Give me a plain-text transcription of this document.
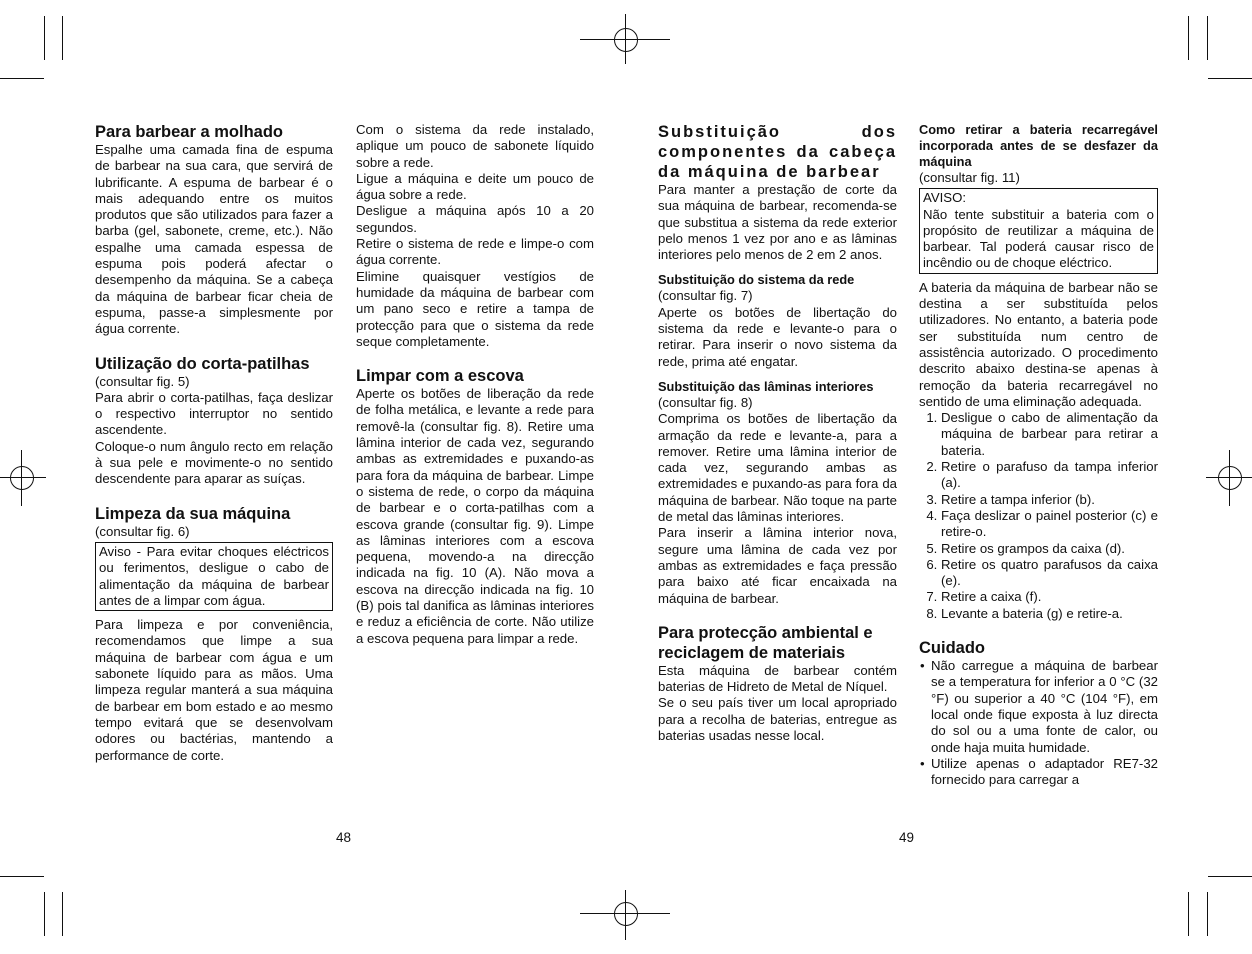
Para barbear a molhado

Espalhe uma camada fina de espuma de barbear na sua cara, que servirá de lubrificante. A espuma de barbear é o mais adequando entre os muitos produtos que são utilizados para fazer a barba (gel, sabonete, creme, etc.). Não espalhe uma camada espessa de espuma pois poderá afectar o desempenho da máquina. Se a cabeça da máquina de barbear ficar cheia de espuma, passe-a simplesmente por água corrente.

Utilização do corta-patilhas

(consultar fig. 5)

Para abrir o corta-patilhas, faça deslizar o respectivo interruptor no sentido ascendente.

Coloque-o num ângulo recto em relação à sua pele e movimente-o no sentido descendente para aparar as suíças.

Limpeza da sua máquina

(consultar fig. 6)

Aviso - Para evitar choques eléctricos ou ferimentos, desligue o cabo de alimentação da máquina de barbear antes de a limpar com água.

Para limpeza e por conveniência, recomendamos que limpe a sua máquina de barbear com água e um sabonete líquido para as mãos. Uma limpeza regular manterá a sua máquina de barbear em bom estado e ao mesmo tempo evitará que se desenvolvam odores ou bactérias, mantendo a performance de corte.

Com o sistema da rede instalado, aplique um pouco de sabonete líquido sobre a rede.

Ligue a máquina e deite um pouco de água sobre a rede.

Desligue a máquina após 10 a 20 segundos.

Retire o sistema de rede e limpe-o com água corrente.

Elimine quaisquer vestígios de humidade da máquina de barbear com um pano seco e retire a tampa de protecção para que o sistema da rede seque completamente.

Limpar com a escova

Aperte os botões de liberação da rede de folha metálica, e levante a rede para removê-la (consultar fig. 8). Retire uma lâmina interior de cada vez, segurando ambas as extremidades e puxando-as para fora da máquina de barbear. Limpe o sistema de rede, o corpo da máquina de barbear e o corta-patilhas com a escova grande (consultar fig. 9). Limpe as lâminas interiores com a escova pequena, movendo-a na direcção indicada na fig. 10 (A). Não mova a escova na direcção indicada na fig. 10 (B) pois tal danifica as lâminas interiores e reduz a eficiência de corte. Não utilize a escova pequena para limpar a rede.

48
Substituição dos componentes da cabeça da máquina de barbear

Para manter a prestação de corte da sua máquina de barbear, recomenda-se que substitua a sistema da rede exterior pelo menos 1 vez por ano e as lâminas interiores pelo menos de 2 em 2 anos.

Substituição do sistema da rede

(consultar fig. 7)

Aperte os botões de libertação do sistema da rede e levante-o para o retirar. Para inserir o novo sistema da rede, prima até engatar.

Substituição das lâminas interiores

(consultar fig. 8)

Comprima os botões de libertação da armação da rede e levante-a, para a remover. Retire uma lâmina interior de cada vez, segurando ambas as extremidades e puxando-as para fora da máquina de barbear. Não toque na parte de metal das lâminas interiores.

Para inserir a lâmina interior nova, segure uma lâmina de cada vez por ambas as extremidades e faça pressão para baixo até ficar encaixada na máquina de barbear.

Para protecção ambiental e reciclagem de materiais

Esta máquina de barbear contém baterias de Hidreto de Metal de Níquel.

Se o seu país tiver um local apropriado para a recolha de baterias, entregue as baterias usadas nesse local.

49
Como retirar a bateria recarregável incorporada antes de se desfazer da máquina

(consultar fig. 11)

AVISO:

Não tente substituir a bateria com o propósito de reutilizar a máquina de barbear. Tal poderá causar risco de incêndio ou de choque eléctrico.

A bateria da máquina de barbear não se destina a ser substituída pelos utilizadores. No entanto, a bateria pode ser substituída num centro de assistência autorizado. O procedimento descrito abaixo destina-se apenas à remoção da bateria recarregável no sentido de uma eliminação adequada.

1. Desligue o cabo de alimentação da máquina de barbear para retirar a bateria.
2. Retire o parafuso da tampa inferior (a).
3. Retire a tampa inferior (b).
4. Faça deslizar o painel posterior (c) e retire-o.
5. Retire os grampos da caixa (d).
6. Retire os quatro parafusos da caixa (e).
7. Retire a caixa (f).
8. Levante a bateria (g) e retire-a.
Cuidado
• Não carregue a máquina de barbear se a temperatura for inferior a 0 °C (32 °F) ou superior a 40 °C (104 °F), em local onde fique exposta à luz directa do sol ou a uma fonte de calor, ou onde haja muita humidade.
• Utilize apenas o adaptador RE7-32 fornecido para carregar a
